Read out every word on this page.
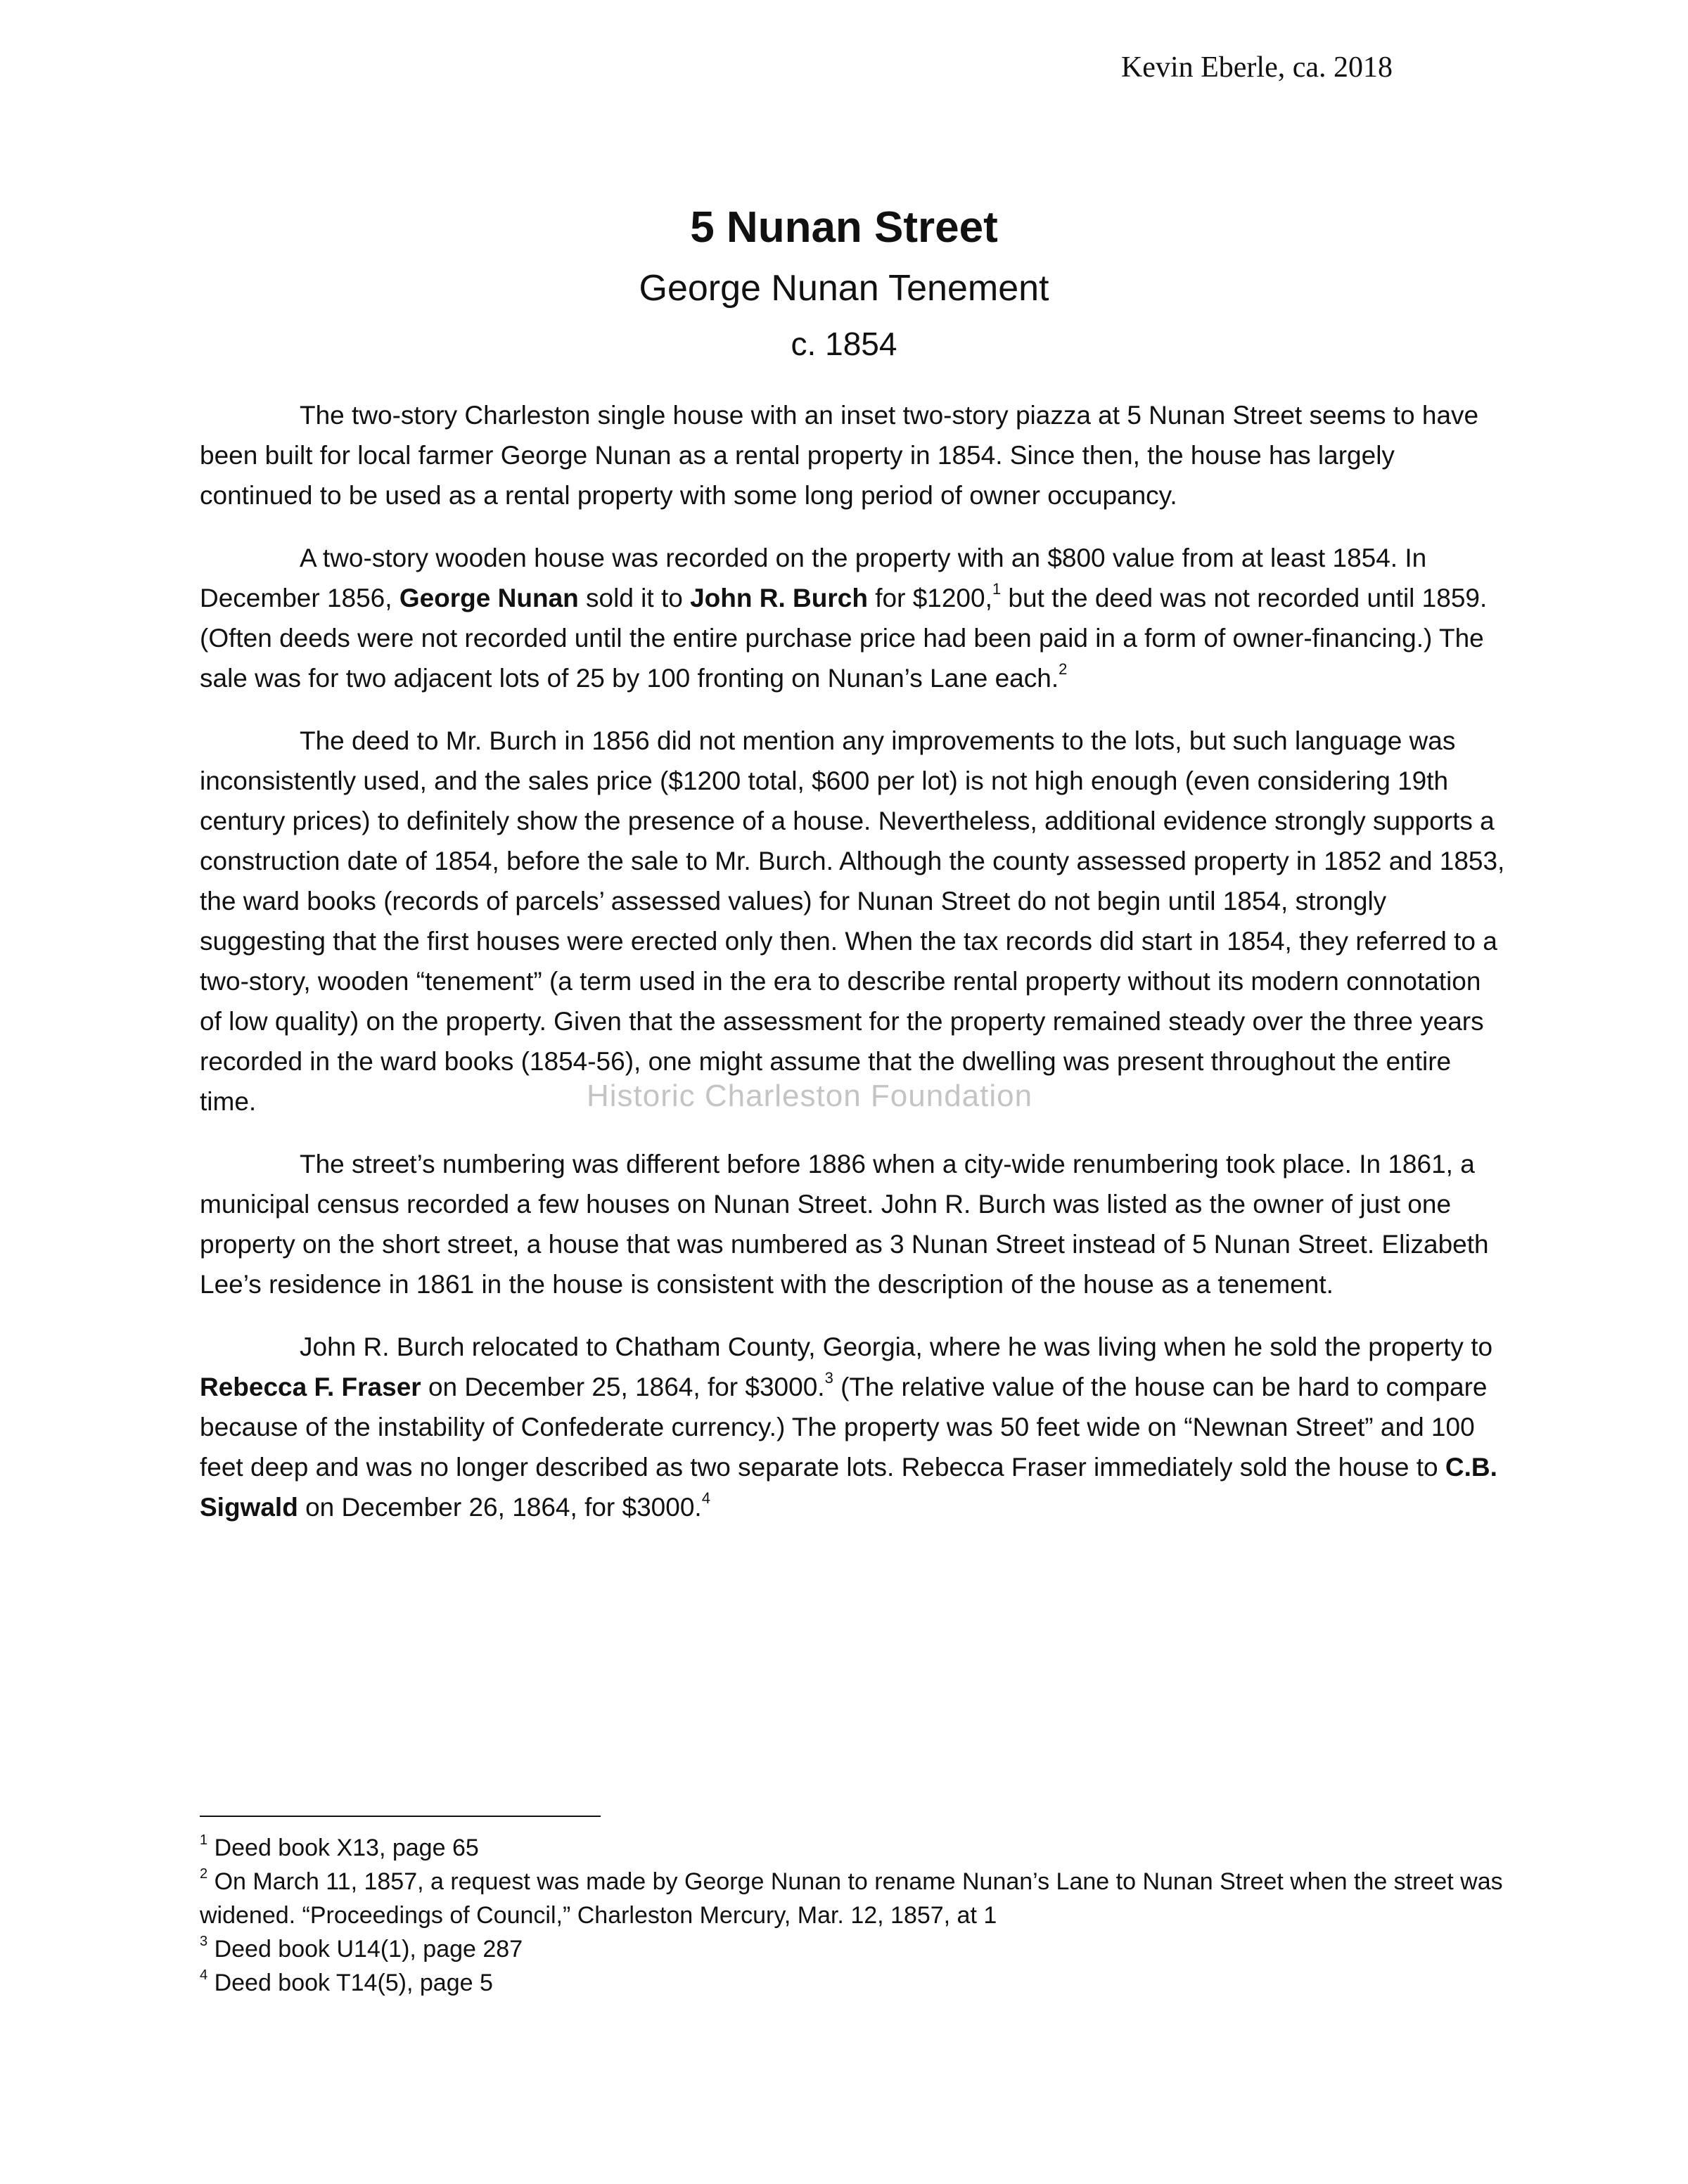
Kevin Eberle, ca. 2018
5 Nunan Street
George Nunan Tenement
c. 1854

The two-story Charleston single house with an inset two-story piazza at 5 Nunan Street seems to have been built for local farmer George Nunan as a rental property in 1854. Since then, the house has largely continued to be used as a rental property with some long period of owner occupancy.

A two-story wooden house was recorded on the property with an $800 value from at least 1854. In December 1856, George Nunan sold it to John R. Burch for $1200,$^1$ but the deed was not recorded until 1859. (Often deeds were not recorded until the entire purchase price had been paid in a form of owner-financing.) The sale was for two adjacent lots of 25 by 100 fronting on Nunan’s Lane each.$^2$

The deed to Mr. Burch in 1856 did not mention any improvements to the lots, but such language was inconsistently used, and the sales price ($1200 total, $600 per lot) is not high enough (even considering 19th century prices) to definitely show the presence of a house. Nevertheless, additional evidence strongly supports a construction date of 1854, before the sale to Mr. Burch. Although the county assessed property in 1852 and 1853, the ward books (records of parcels’ assessed values) for Nunan Street do not begin until 1854, strongly suggesting that the first houses were erected only then. When the tax records did start in 1854, they referred to a two-story, wooden “tenement” (a term used in the era to describe rental property without its modern connotation of low quality) on the property. Given that the assessment for the property remained steady over the three years recorded in the ward books (1854-56), one might assume that the dwelling was present throughout the entire time.

The street’s numbering was different before 1886 when a city-wide renumbering took place. In 1861, a municipal census recorded a few houses on Nunan Street. John R. Burch was listed as the owner of just one property on the short street, a house that was numbered as 3 Nunan Street instead of 5 Nunan Street. Elizabeth Lee’s residence in 1861 in the house is consistent with the description of the house as a tenement.

John R. Burch relocated to Chatham County, Georgia, where he was living when he sold the property to Rebecca F. Fraser on December 25, 1864, for $3000.$^3$ (The relative value of the house can be hard to compare because of the instability of Confederate currency.) The property was 50 feet wide on “Newnan Street” and 100 feet deep and was no longer described as two separate lots. Rebecca Fraser immediately sold the house to C.B. Sigwald on December 26, 1864, for $3000.$^4$

Historic Charleston Foundation
$^1$ Deed book X13, page 65
$^2$ On March 11, 1857, a request was made by George Nunan to rename Nunan’s Lane to Nunan Street when the street was widened. “Proceedings of Council,” Charleston Mercury, Mar. 12, 1857, at 1
$^3$ Deed book U14(1), page 287
$^4$ Deed book T14(5), page 5
